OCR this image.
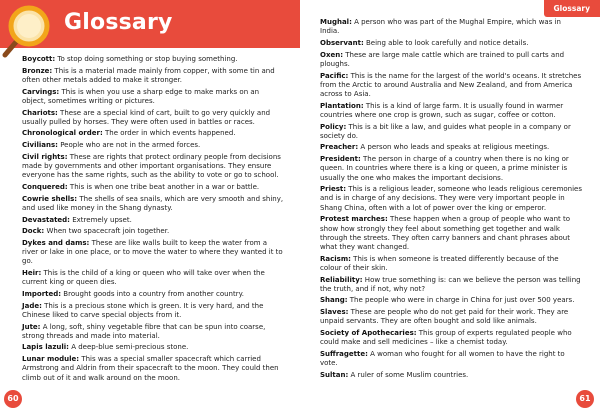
Glossary

Boycott: To stop doing something or stop buying something.

Bronze: This is a material made mainly from copper, with some tin and often other metals added to make it stronger.

Carvings: This is when you use a sharp edge to make marks on an object, sometimes writing or pictures.

Chariots: These are a special kind of cart, built to go very quickly and usually pulled by horses. They were often used in battles or races.

Chronological order: The order in which events happened.

Civilians: People who are not in the armed forces.

Civil rights: These are rights that protect ordinary people from decisions made by governments and other important organisations. They ensure everyone has the same rights, such as the ability to vote or go to school.

Conquered: This is when one tribe beat another in a war or battle.

Cowrie shells: The shells of sea snails, which are very smooth and shiny, and used like money in the Shang dynasty.

Devastated: Extremely upset.

Dock: When two spacecraft join together.

Dykes and dams: These are like walls built to keep the water from a river or lake in one place, or to move the water to where they wanted it to go.

Heir: This is the child of a king or queen who will take over when the current king or queen dies.

Imported: Brought goods into a country from another country.

Jade: This is a precious stone which is green. It is very hard, and the Chinese liked to carve special objects from it.

Jute: A long, soft, shiny vegetable fibre that can be spun into coarse, strong threads and made into material.

Lapis lazuli: A deep-blue semi-precious stone.

Lunar module: This was a special smaller spacecraft which carried Armstrong and Aldrin from their spacecraft to the moon. They could then climb out of it and walk around on the moon.

60
Glossary

Mughal: A person who was part of the Mughal Empire, which was in India.

Observant: Being able to look carefully and notice details.

Oxen: These are large male cattle which are trained to pull carts and ploughs.

Pacific: This is the name for the largest of the world's oceans. It stretches from the Arctic to around Australia and New Zealand, and from America across to Asia.

Plantation: This is a kind of large farm. It is usually found in warmer countries where one crop is grown, such as sugar, coffee or cotton.

Policy: This is a bit like a law, and guides what people in a company or society do.

Preacher: A person who leads and speaks at religious meetings.

President: The person in charge of a country when there is no king or queen. In countries where there is a king or queen, a prime minister is usually the one who makes the important decisions.

Priest: This is a religious leader, someone who leads religious ceremonies and is in charge of any decisions. They were very important people in Shang China, often with a lot of power over the king or emperor.

Protest marches: These happen when a group of people who want to show how strongly they feel about something get together and walk through the streets. They often carry banners and chant phrases about what they want changed.

Racism: This is when someone is treated differently because of the colour of their skin.

Reliability: How true something is: can we believe the person was telling the truth, and if not, why not?

Shang: The people who were in charge in China for just over 500 years.

Slaves: These are people who do not get paid for their work. They are unpaid servants. They are often bought and sold like animals.

Society of Apothecaries: This group of experts regulated people who could make and sell medicines – like a chemist today.

Suffragette: A woman who fought for all women to have the right to vote.

Sultan: A ruler of some Muslim countries.

61
